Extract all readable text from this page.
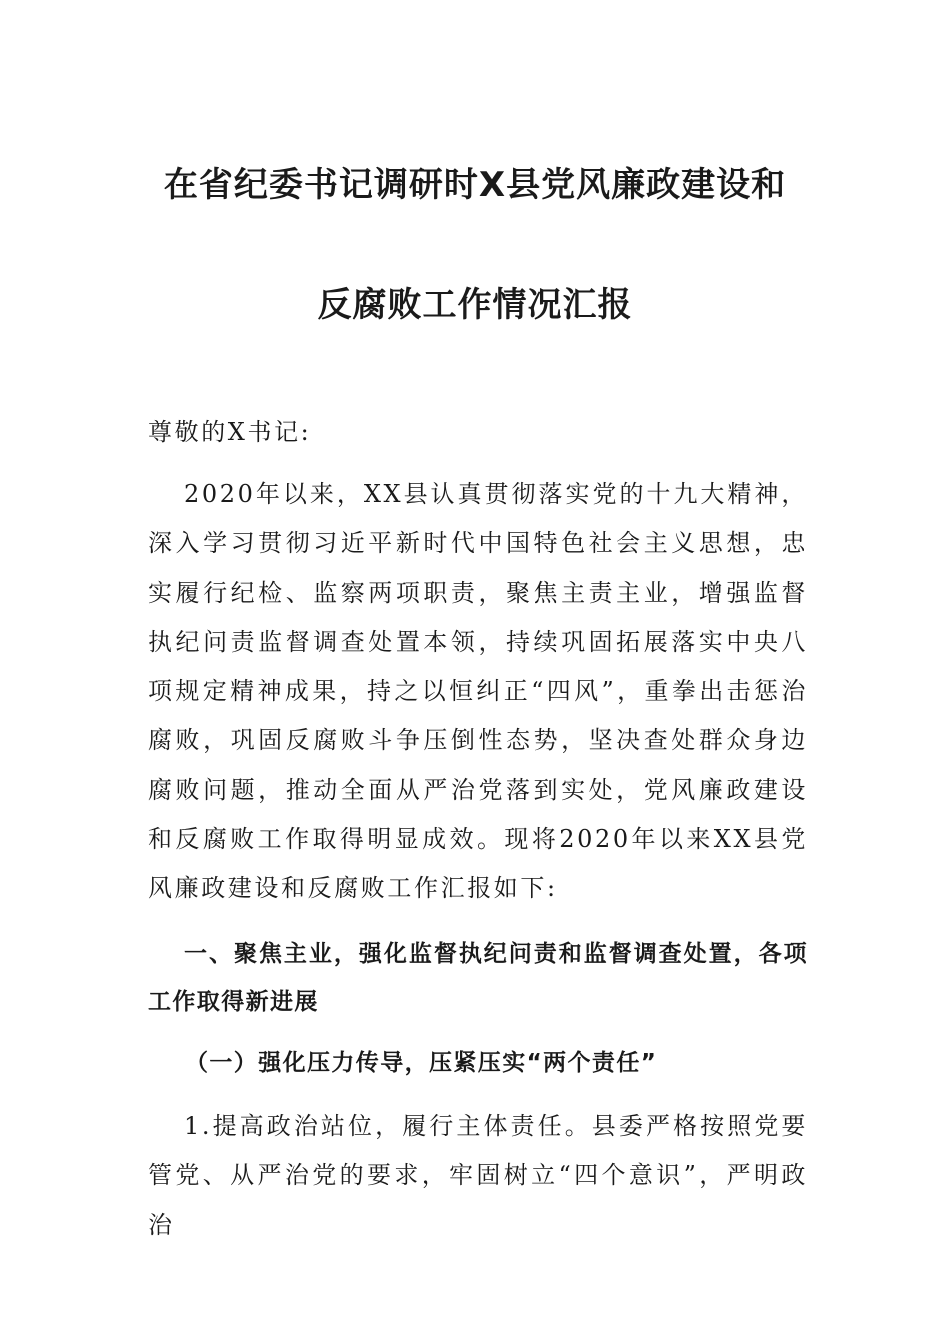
在省纪委书记调研时X县党风廉政建设和
反腐败工作情况汇报

尊敬的X书记:

2020年以来，XX县认真贯彻落实党的十九大精神，深入学习贯彻习近平新时代中国特色社会主义思想，忠实履行纪检、监察两项职责，聚焦主责主业，增强监督执纪问责监督调查处置本领，持续巩固拓展落实中央八项规定精神成果，持之以恒纠正“四风”，重拳出击惩治腐败，巩固反腐败斗争压倒性态势，坚决查处群众身边腐败问题，推动全面从严治党落到实处，党风廉政建设和反腐败工作取得明显成效。现将2020年以来XX县党风廉政建设和反腐败工作汇报如下:

一、聚焦主业，强化监督执纪问责和监督调查处置，各项工作取得新进展
（一）强化压力传导，压紧压实“两个责任”

1.提高政治站位，履行主体责任。县委严格按照党要管党、从严治党的要求，牢固树立“四个意识”，严明政治
